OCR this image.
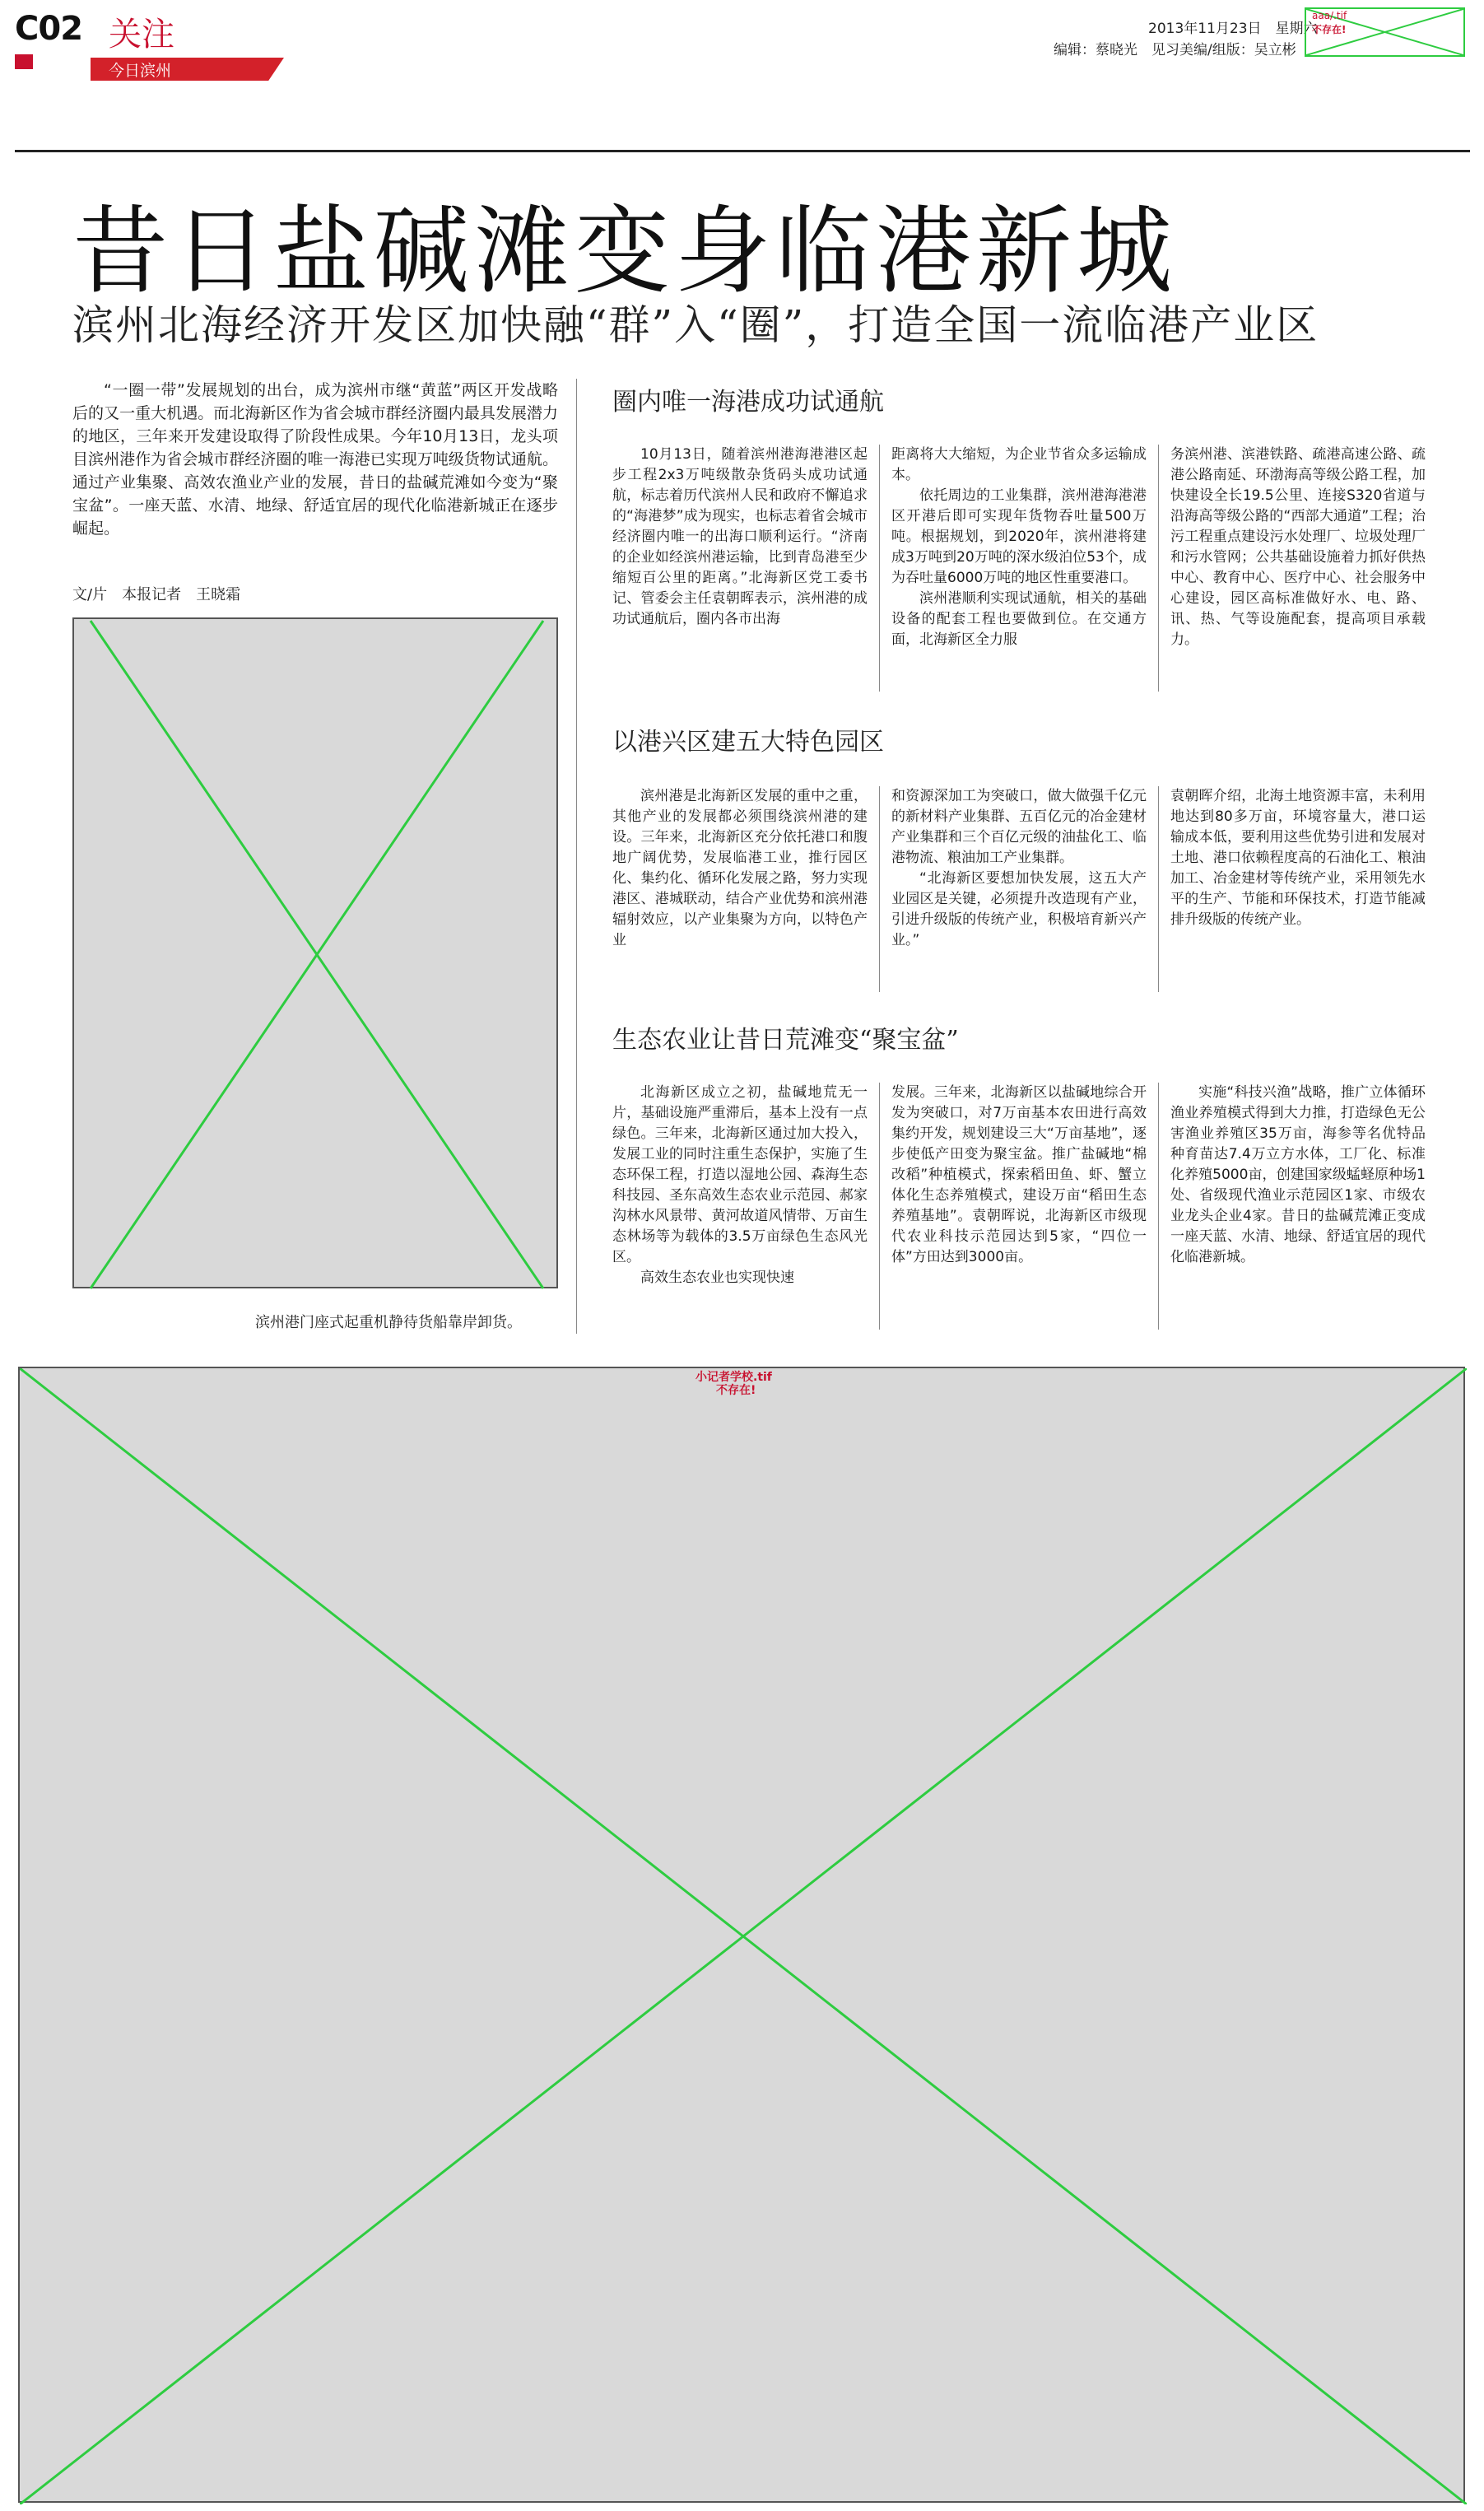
C02 关注
今日滨州
2013年11月23日　星期六
编辑：蔡晓光　见习美编/组版：吴立彬
aaa/.tif
不存在!
昔日盐碱滩变身临港新城
滨州北海经济开发区加快融“群”入“圈”，打造全国一流临港产业区

“一圈一带”发展规划的出台，成为滨州市继“黄蓝”两区开发战略后的又一重大机遇。而北海新区作为省会城市群经济圈内最具发展潜力的地区，三年来开发建设取得了阶段性成果。今年10月13日，龙头项目滨州港作为省会城市群经济圈的唯一海港已实现万吨级货物试通航。通过产业集聚、高效农渔业产业的发展，昔日的盐碱荒滩如今变为“聚宝盆”。一座天蓝、水清、地绿、舒适宜居的现代化临港新城正在逐步崛起。

文/片　本报记者　王晓霜
滨州港门座式起重机静待货船靠岸卸货。
圈内唯一海港成功试通航

10月13日，随着滨州港海港港区起步工程2x3万吨级散杂货码头成功试通航，标志着历代滨州人民和政府不懈追求的“海港梦”成为现实，也标志着省会城市经济圈内唯一的出海口顺利运行。“济南的企业如经滨州港运输，比到青岛港至少缩短百公里的距离。”北海新区党工委书记、管委会主任袁朝晖表示，滨州港的成功试通航后，圈内各市出海

距离将大大缩短，为企业节省众多运输成本。

依托周边的工业集群，滨州港海港港区开港后即可实现年货物吞吐量500万吨。根据规划，到2020年，滨州港将建成3万吨到20万吨的深水级泊位53个，成为吞吐量6000万吨的地区性重要港口。

滨州港顺利实现试通航，相关的基础设备的配套工程也要做到位。在交通方面，北海新区全力服

务滨州港、滨港铁路、疏港高速公路、疏港公路南延、环渤海高等级公路工程，加快建设全长19.5公里、连接S320省道与沿海高等级公路的“西部大通道”工程；治污工程重点建设污水处理厂、垃圾处理厂和污水管网；公共基础设施着力抓好供热中心、教育中心、医疗中心、社会服务中心建设，园区高标准做好水、电、路、讯、热、气等设施配套，提高项目承载力。

以港兴区建五大特色园区

滨州港是北海新区发展的重中之重，其他产业的发展都必须围绕滨州港的建设。三年来，北海新区充分依托港口和腹地广阔优势，发展临港工业，推行园区化、集约化、循环化发展之路，努力实现港区、港城联动，结合产业优势和滨州港辐射效应，以产业集聚为方向，以特色产业

和资源深加工为突破口，做大做强千亿元的新材料产业集群、五百亿元的冶金建材产业集群和三个百亿元级的油盐化工、临港物流、粮油加工产业集群。

“北海新区要想加快发展，这五大产业园区是关键，必须提升改造现有产业，引进升级版的传统产业，积极培育新兴产业。”

袁朝晖介绍，北海土地资源丰富，未利用地达到80多万亩，环境容量大，港口运输成本低，要利用这些优势引进和发展对土地、港口依赖程度高的石油化工、粮油加工、冶金建材等传统产业，采用领先水平的生产、节能和环保技术，打造节能减排升级版的传统产业。

生态农业让昔日荒滩变“聚宝盆”

北海新区成立之初，盐碱地荒无一片，基础设施严重滞后，基本上没有一点绿色。三年来，北海新区通过加大投入，发展工业的同时注重生态保护，实施了生态环保工程，打造以湿地公园、森海生态科技园、圣东高效生态农业示范园、郝家沟林水风景带、黄河故道风情带、万亩生态林场等为载体的3.5万亩绿色生态风光区。

高效生态农业也实现快速

发展。三年来，北海新区以盐碱地综合开发为突破口，对7万亩基本农田进行高效集约开发，规划建设三大“万亩基地”，逐步使低产田变为聚宝盆。推广盐碱地“棉改稻”种植模式，探索稻田鱼、虾、蟹立体化生态养殖模式，建设万亩“稻田生态养殖基地”。袁朝晖说，北海新区市级现代农业科技示范园达到5家，“四位一体”方田达到3000亩。

实施“科技兴渔”战略，推广立体循环渔业养殖模式得到大力推，打造绿色无公害渔业养殖区35万亩，海参等名优特品种育苗达7.4万立方水体，工厂化、标准化养殖5000亩，创建国家级蜢蛏原种场1处、省级现代渔业示范园区1家、市级农业龙头企业4家。昔日的盐碱荒滩正变成一座天蓝、水清、地绿、舒适宜居的现代化临港新城。

小记者学校.tif
不存在!
